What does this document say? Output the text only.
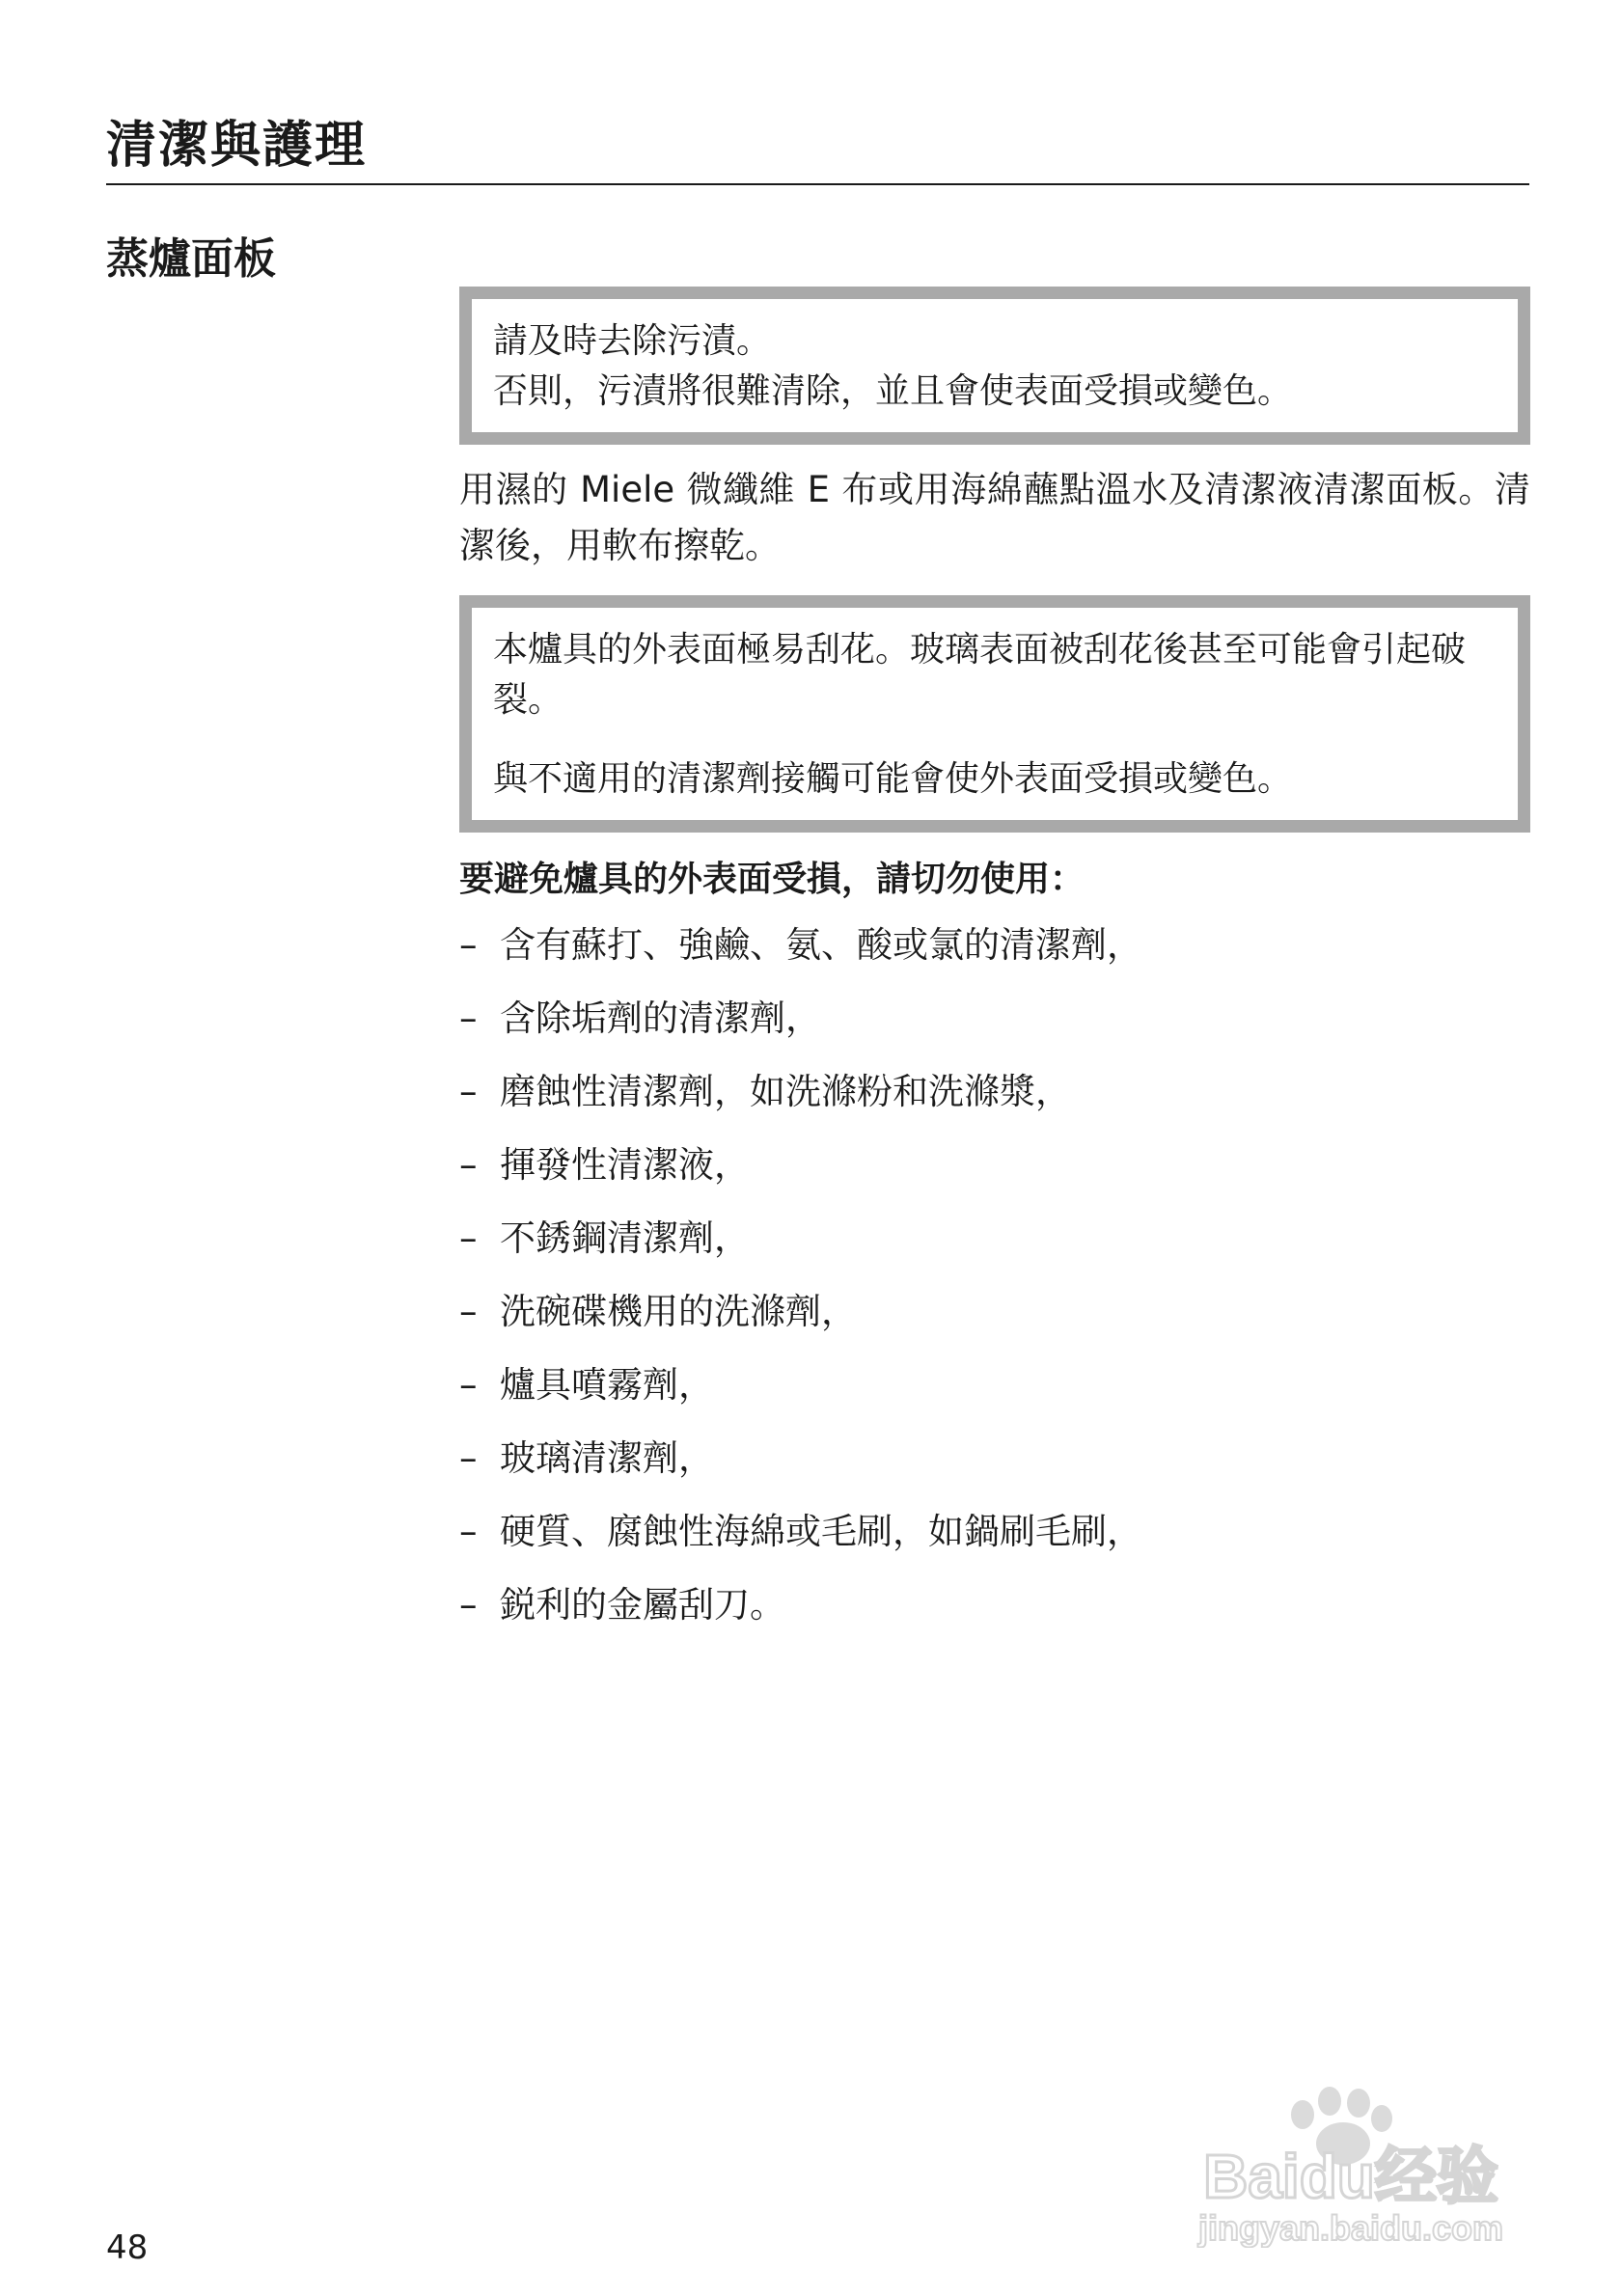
清潔與護理
蒸爐面板

請及時去除污漬。

否則，污漬將很難清除，並且會使表面受損或變色。

用濕的 Miele 微纖維 E 布或用海綿蘸點溫水及清潔液清潔面板。清潔後，用軟布擦乾。

本爐具的外表面極易刮花。玻璃表面被刮花後甚至可能會引起破裂。

與不適用的清潔劑接觸可能會使外表面受損或變色。

要避免爐具的外表面受損，請切勿使用：

– 含有蘇打、強鹼、氨、酸或氯的清潔劑，
– 含除垢劑的清潔劑，
– 磨蝕性清潔劑，如洗滌粉和洗滌漿，
– 揮發性清潔液，
– 不銹鋼清潔劑，
– 洗碗碟機用的洗滌劑，
– 爐具噴霧劑，
– 玻璃清潔劑，
– 硬質、腐蝕性海綿或毛刷，如鍋刷毛刷，
– 鋭利的金屬刮刀。
48
Baidu经验
jingyan.baidu.com
